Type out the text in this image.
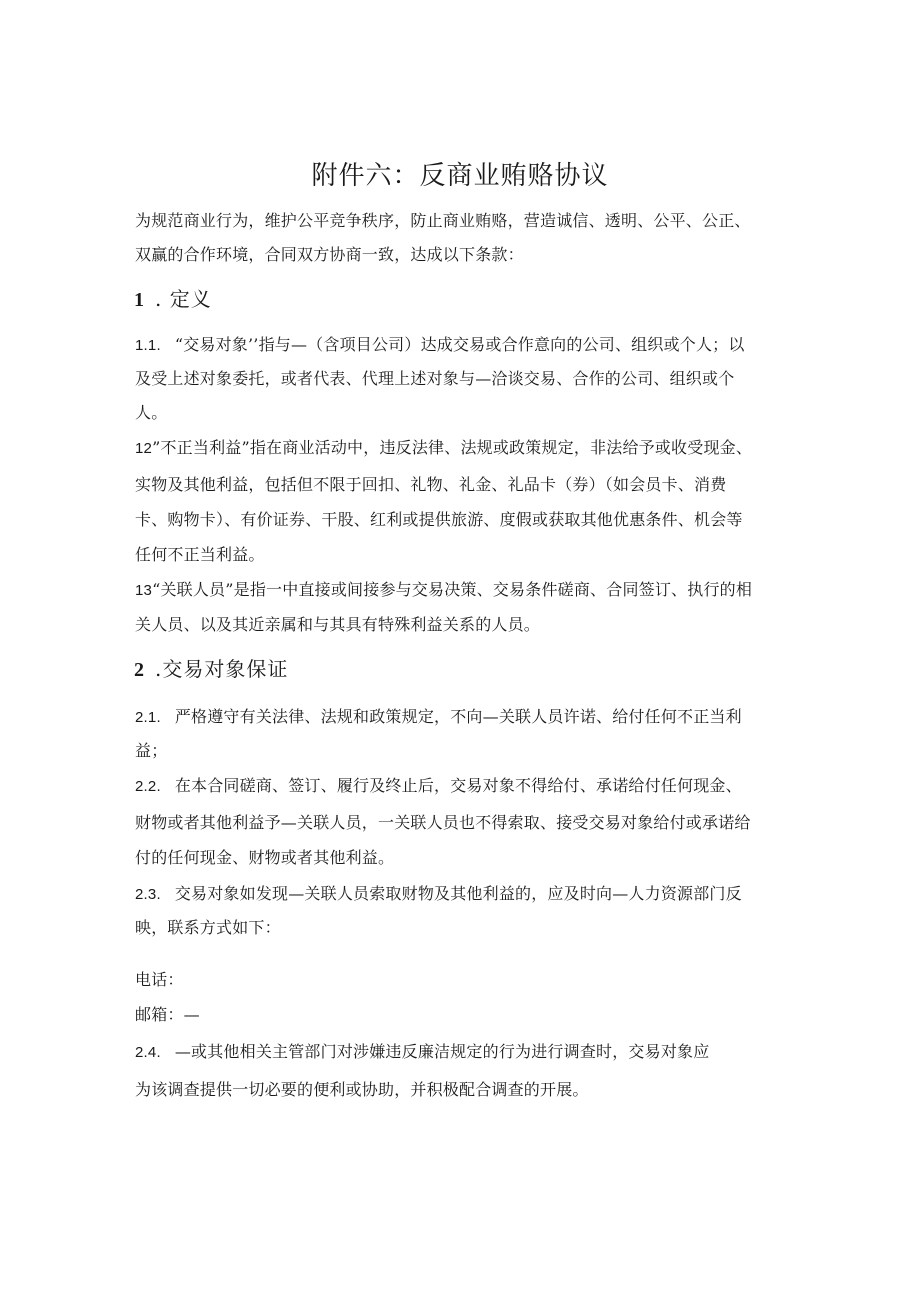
附件六：反商业贿赂协议
为规范商业行为，维护公平竞争秩序，防止商业贿赂，营造诚信、透明、公平、公正、
双赢的合作环境，合同双方协商一致，达成以下条款：
1 . 定义
1.1. “交易对象’’指与—（含项目公司）达成交易或合作意向的公司、组织或个人；以
及受上述对象委托，或者代表、代理上述对象与—洽谈交易、合作的公司、组织或个
人。
12”不正当利益”指在商业活动中，违反法律、法规或政策规定，非法给予或收受现金、
实物及其他利益，包括但不限于回扣、礼物、礼金、礼品卡（券）（如会员卡、消费
卡、购物卡）、有价证券、干股、红利或提供旅游、度假或获取其他优惠条件、机会等
任何不正当利益。
13“关联人员”是指一中直接或间接参与交易决策、交易条件磋商、合同签订、执行的相
关人员、以及其近亲属和与其具有特殊利益关系的人员。
2 .交易对象保证
2.1. 严格遵守有关法律、法规和政策规定，不向—关联人员许诺、给付任何不正当利
益；
2.2. 在本合同磋商、签订、履行及终止后，交易对象不得给付、承诺给付任何现金、
财物或者其他利益予—关联人员，一关联人员也不得索取、接受交易对象给付或承诺给
付的任何现金、财物或者其他利益。
2.3. 交易对象如发现—关联人员索取财物及其他利益的，应及时向—人力资源部门反
映，联系方式如下：
电话：
邮箱：—
2.4. —或其他相关主管部门对涉嫌违反廉洁规定的行为进行调查时，交易对象应
为该调查提供一切必要的便利或协助，并积极配合调查的开展。
